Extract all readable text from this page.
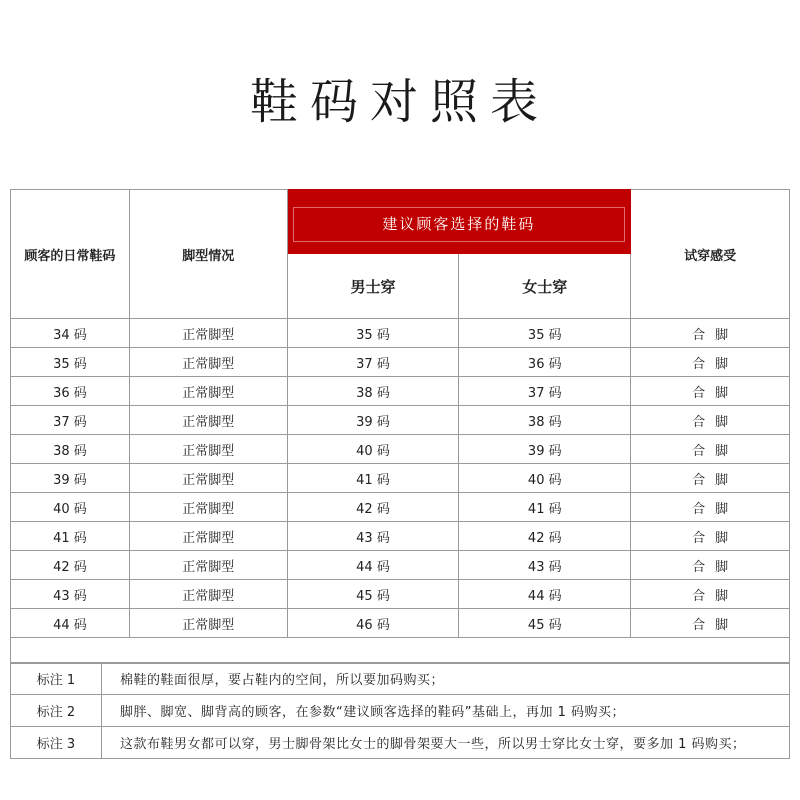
鞋码对照表
顾客的日常鞋码	脚型情况	建议顾客选择的鞋码		试穿感受
		男士穿	女士穿	
34 码	正常脚型	35 码	35 码	合脚
35 码	正常脚型	37 码	36 码	合脚
36 码	正常脚型	38 码	37 码	合脚
37 码	正常脚型	39 码	38 码	合脚
38 码	正常脚型	40 码	39 码	合脚
39 码	正常脚型	41 码	40 码	合脚
40 码	正常脚型	42 码	41 码	合脚
41 码	正常脚型	43 码	42 码	合脚
42 码	正常脚型	44 码	43 码	合脚
43 码	正常脚型	45 码	44 码	合脚
44 码	正常脚型	46 码	45 码	合脚

标注 1	棉鞋的鞋面很厚，要占鞋内的空间，所以要加码购买；
标注 2	脚胖、脚宽、脚背高的顾客，在参数“建议顾客选择的鞋码”基础上，再加 1 码购买；
标注 3	这款布鞋男女都可以穿，男士脚骨架比女士的脚骨架要大一些，所以男士穿比女士穿，要多加 1 码购买；
